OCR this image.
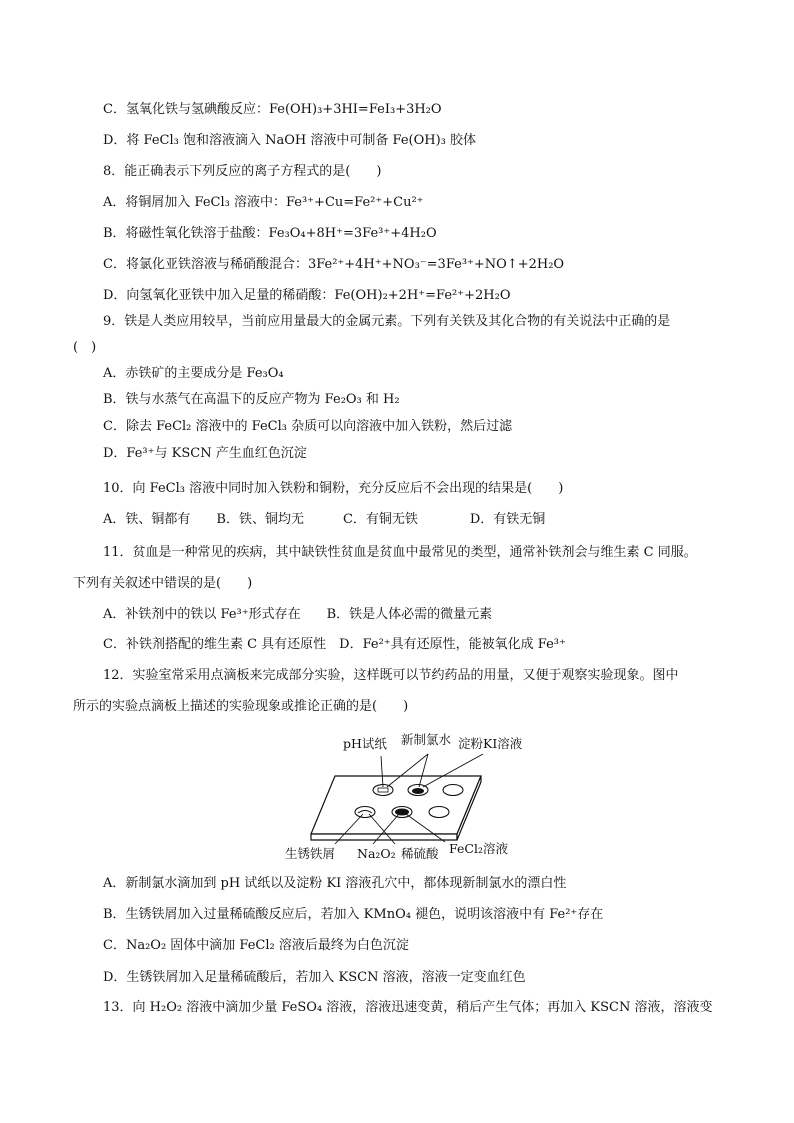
C．氢氧化铁与氢碘酸反应：Fe(OH)₃+3HI=FeI₃+3H₂O
D．将 FeCl₃ 饱和溶液滴入 NaOH 溶液中可制备 Fe(OH)₃ 胶体
8．能正确表示下列反应的离子方程式的是(　　)
A．将铜屑加入 FeCl₃ 溶液中：Fe³⁺+Cu=Fe²⁺+Cu²⁺
B．将磁性氧化铁溶于盐酸：Fe₃O₄+8H⁺=3Fe³⁺+4H₂O
C．将氯化亚铁溶液与稀硝酸混合：3Fe²⁺+4H⁺+NO₃⁻=3Fe³⁺+NO↑+2H₂O
D．向氢氧化亚铁中加入足量的稀硝酸：Fe(OH)₂+2H⁺=Fe²⁺+2H₂O
9．铁是人类应用较早，当前应用量最大的金属元素。下列有关铁及其化合物的有关说法中正确的是
(　)
A．赤铁矿的主要成分是 Fe₃O₄
B．铁与水蒸气在高温下的反应产物为 Fe₂O₃ 和 H₂
C．除去 FeCl₂ 溶液中的 FeCl₃ 杂质可以向溶液中加入铁粉，然后过滤
D．Fe³⁺与 KSCN 产生血红色沉淀
10．向 FeCl₃ 溶液中同时加入铁粉和铜粉，充分反应后不会出现的结果是(　　)
A．铁、铜都有　　B．铁、铜均无　　　C．有铜无铁　　　　D．有铁无铜
11．贫血是一种常见的疾病，其中缺铁性贫血是贫血中最常见的类型，通常补铁剂会与维生素 C 同服。
下列有关叙述中错误的是(　　)
A．补铁剂中的铁以 Fe³⁺形式存在　　B．铁是人体必需的微量元素
C．补铁剂搭配的维生素 C 具有还原性　D．Fe²⁺具有还原性，能被氧化成 Fe³⁺
12．实验室常采用点滴板来完成部分实验，这样既可以节约药品的用量，又便于观察实验现象。图中
所示的实验点滴板上描述的实验现象或推论正确的是(　　)
pH试纸 新制氯水 淀粉KI溶液
生锈铁屑 Na₂O₂ 稀硫酸 FeCl₂溶液
A．新制氯水滴加到 pH 试纸以及淀粉 KI 溶液孔穴中，都体现新制氯水的漂白性
B．生锈铁屑加入过量稀硫酸反应后，若加入 KMnO₄ 褪色，说明该溶液中有 Fe²⁺存在
C．Na₂O₂ 固体中滴加 FeCl₂ 溶液后最终为白色沉淀
D．生锈铁屑加入足量稀硫酸后，若加入 KSCN 溶液，溶液一定变血红色
13．向 H₂O₂ 溶液中滴加少量 FeSO₄ 溶液，溶液迅速变黄，稍后产生气体；再加入 KSCN 溶液，溶液变
